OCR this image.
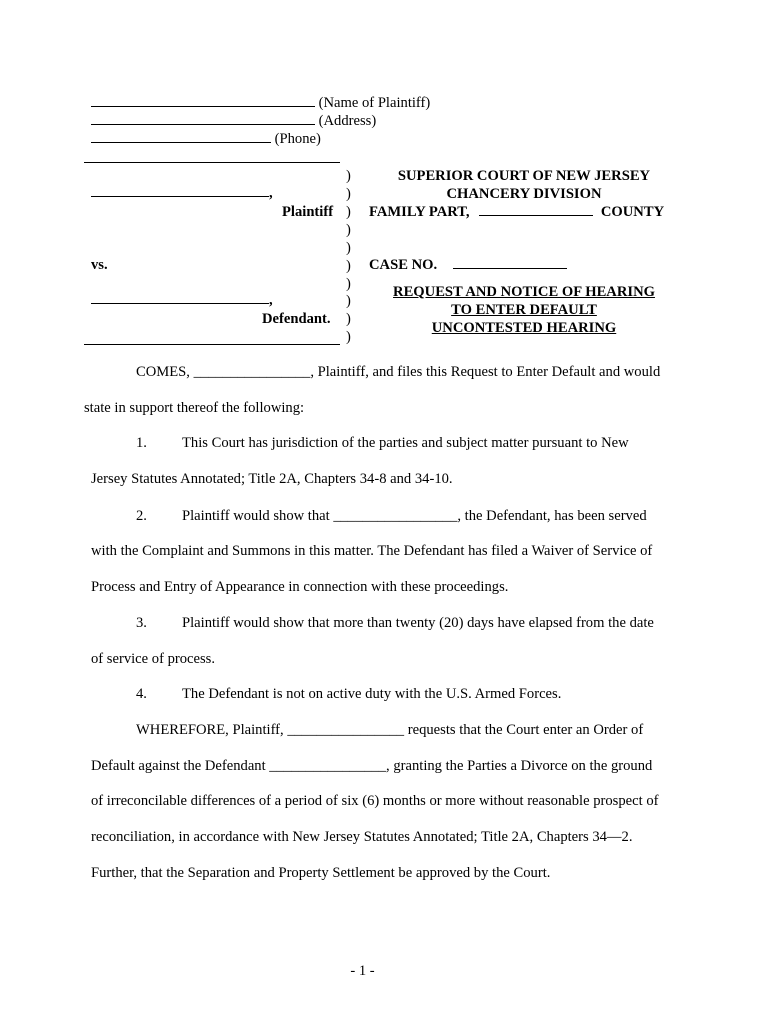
(Name of Plaintiff)
(Address)
(Phone)
,
Plaintiff
vs.
,
Defendant.
)
)
)
)
)
)
)
)
)
)
SUPERIOR COURT OF NEW JERSEY
CHANCERY DIVISION
FAMILY PART,	COUNTY
CASE NO.
REQUEST AND NOTICE OF HEARING
TO ENTER DEFAULT
UNCONTESTED HEARING
COMES, ________________, Plaintiff, and files this Request to Enter Default and would
state in support thereof the following:
1. This Court has jurisdiction of the parties and subject matter pursuant to New
Jersey Statutes Annotated; Title 2A, Chapters 34-8 and 34-10.
2. Plaintiff would show that _________________, the Defendant, has been served
with the Complaint and Summons in this matter. The Defendant has filed a Waiver of Service of
Process and Entry of Appearance in connection with these proceedings.
3. Plaintiff would show that more than twenty (20) days have elapsed from the date
of service of process.
4. The Defendant is not on active duty with the U.S. Armed Forces.
WHEREFORE, Plaintiff, ________________ requests that the Court enter an Order of
Default against the Defendant ________________, granting the Parties a Divorce on the ground
of irreconcilable differences of a period of six (6) months or more without reasonable prospect of
reconciliation, in accordance with New Jersey Statutes Annotated; Title 2A, Chapters 34—2.
Further, that the Separation and Property Settlement be approved by the Court.
- 1 -
